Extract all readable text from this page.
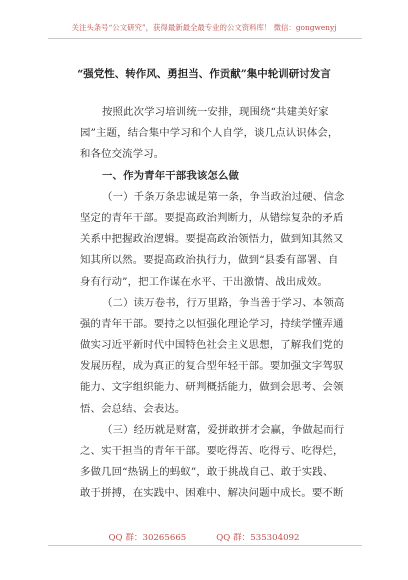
关注头条号“公文研究”，获得最新最全最专业的公文资料库！ 微信：gongwenyj
“强党性、转作风、勇担当、作贡献”集中轮训研讨发言
按照此次学习培训统一安排，现围绕“共建美好家
园”主题，结合集中学习和个人自学，谈几点认识体会，
和各位交流学习。
一、作为青年干部我该怎么做
（一）千条万条忠诚是第一条，争当政治过硬、信念
坚定的青年干部。要提高政治判断力，从错综复杂的矛盾
关系中把握政治逻辑。要提高政治领悟力，做到知其然又
知其所以然。要提高政治执行力，做到“县委有部署、自
身有行动”，把工作谋在水平、干出激情、战出成效。
（二）读万卷书，行万里路，争当善于学习、本领高
强的青年干部。要持之以恒强化理论学习，持续学懂弄通
做实习近平新时代中国特色社会主义思想，了解我们党的
发展历程，成为真正的复合型年轻干部。要加强文字驾驭
能力、文字组织能力、研判概括能力，做到会思考、会领
悟、会总结、会表达。
（三）经历就是财富，爱拼敢拼才会赢，争做起而行
之、实干担当的青年干部。要吃得苦、吃得亏、吃得烂，
多做几回“热锅上的蚂蚁”，敢于挑战自己、敢于实践、
敢于拼搏，在实践中、困难中、解决问题中成长。要不断
QQ 群：30265665	QQ 群：535304092
